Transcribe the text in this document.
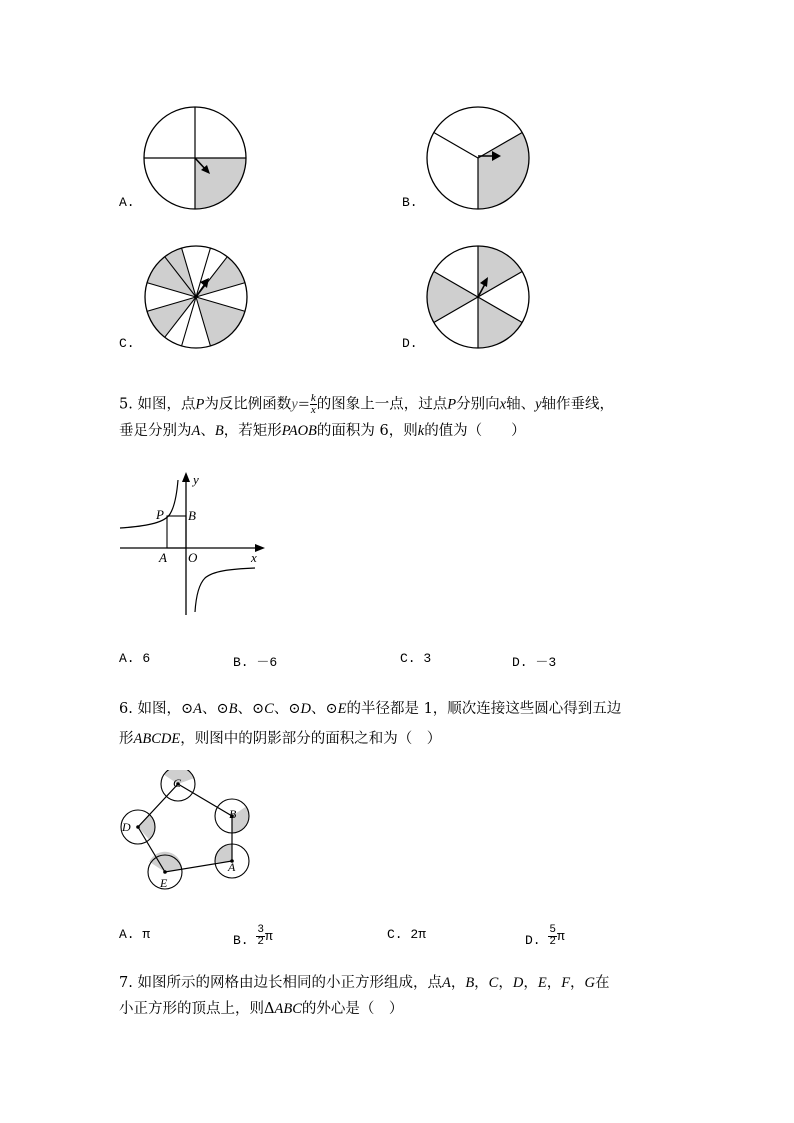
A.	B.
C.	D.
5. 如图，点P为反比例函数$y= \frac{k}{x}$ 的图象上一点，过点P分别向x轴、y轴作垂线，
垂足分别为A、B，若矩形PAOB的面积为 6，则k的值为（　　）
P B
A O	x
y
A. 6	B. －6	C. 3	D. －3
6. 如图，⊙A、⊙B、⊙C、⊙D、⊙E的半径都是 1，顺次连接这些圆心得到五边
形ABCDE，则图中的阴影部分的面积之和为（　）
C
B
D
A
E
A. π	B. $\frac{3}{2}$ π	C. 2π	D. $\frac{5}{2}$ π
7. 如图所示的网格由边长相同的小正方形组成，点A，B，C，D，E，F，G在
小正方形的顶点上，则ΔABC的外心是（　）
